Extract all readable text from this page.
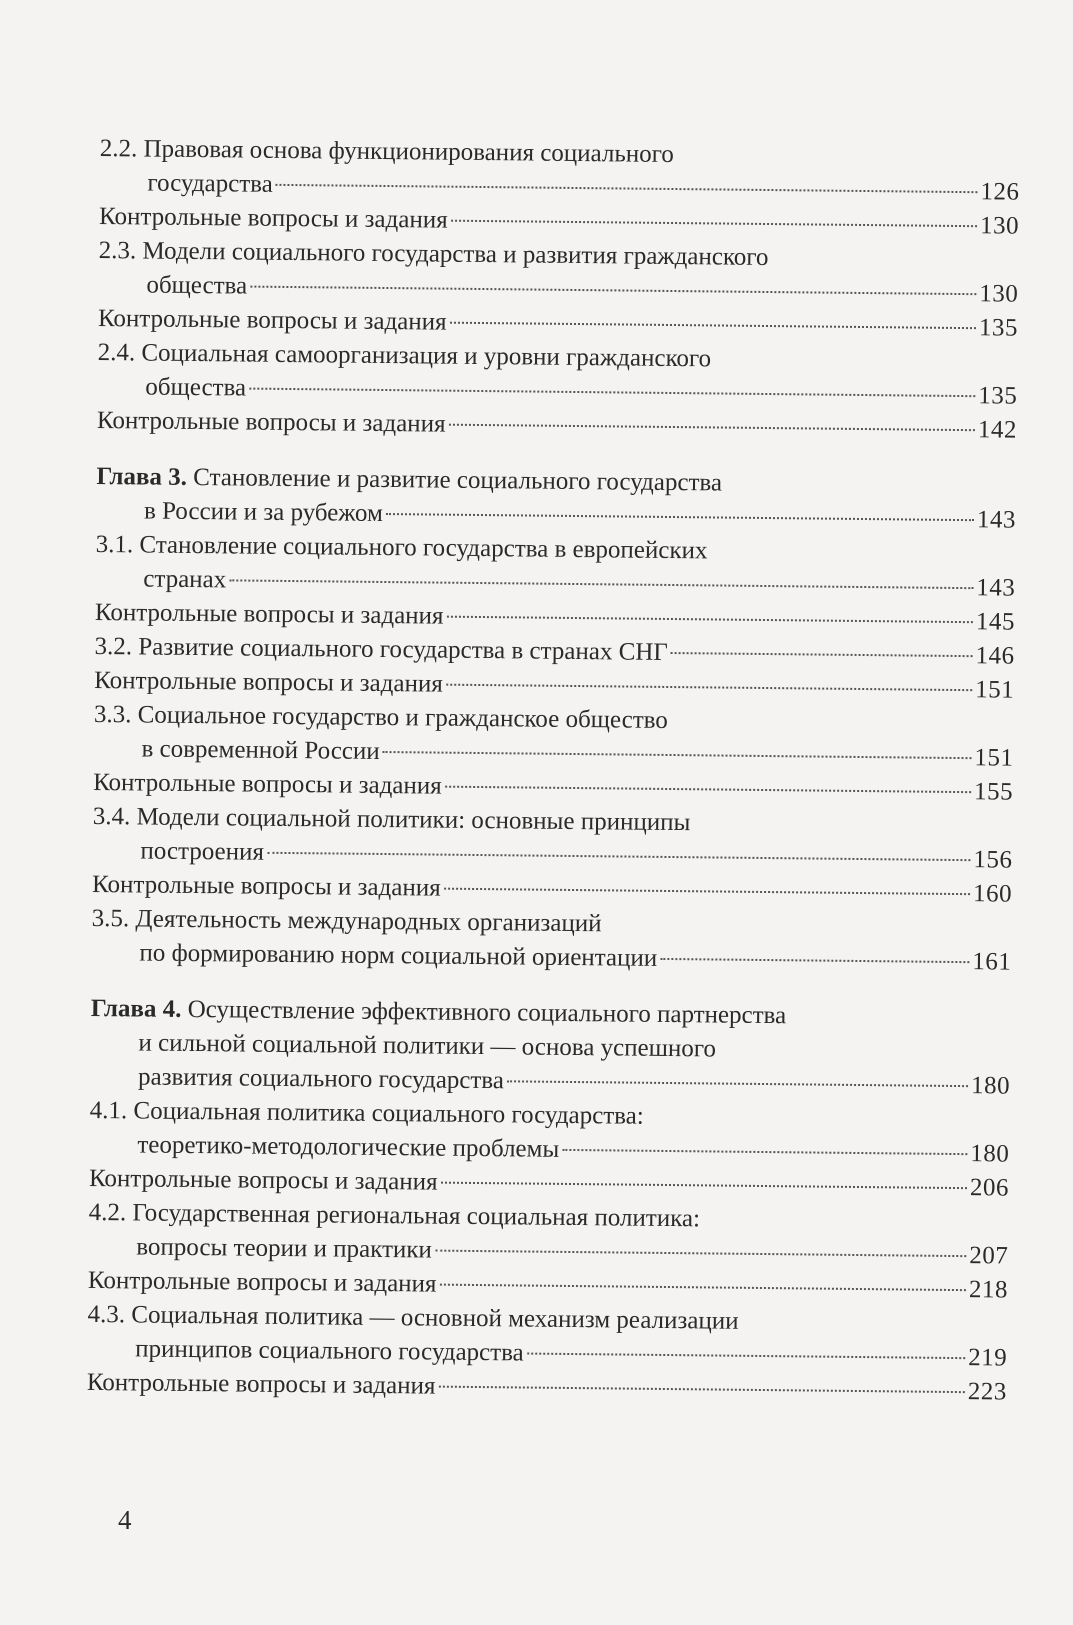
2.2. Правовая основа функционирования социального
государства	126
Контрольные вопросы и задания	130
2.3. Модели социального государства и развития гражданского
общества	130
Контрольные вопросы и задания	135
2.4. Социальная самоорганизация и уровни гражданского
общества	135
Контрольные вопросы и задания	142
Глава 3. Становление и развитие социального государства
в России и за рубежом	143
3.1. Становление социального государства в европейских
странах	143
Контрольные вопросы и задания	145
3.2. Развитие социального государства в странах СНГ	146
Контрольные вопросы и задания	151
3.3. Социальное государство и гражданское общество
в современной России	151
Контрольные вопросы и задания	155
3.4. Модели социальной политики: основные принципы
построения	156
Контрольные вопросы и задания	160
3.5. Деятельность международных организаций
по формированию норм социальной ориентации	161
Глава 4. Осуществление эффективного социального партнерства
и сильной социальной политики — основа успешного
развития социального государства	180
4.1. Социальная политика социального государства:
теоретико-методологические проблемы	180
Контрольные вопросы и задания	206
4.2. Государственная региональная социальная политика:
вопросы теории и практики	207
Контрольные вопросы и задания	218
4.3. Социальная политика — основной механизм реализации
принципов социального государства	219
Контрольные вопросы и задания	223
4
